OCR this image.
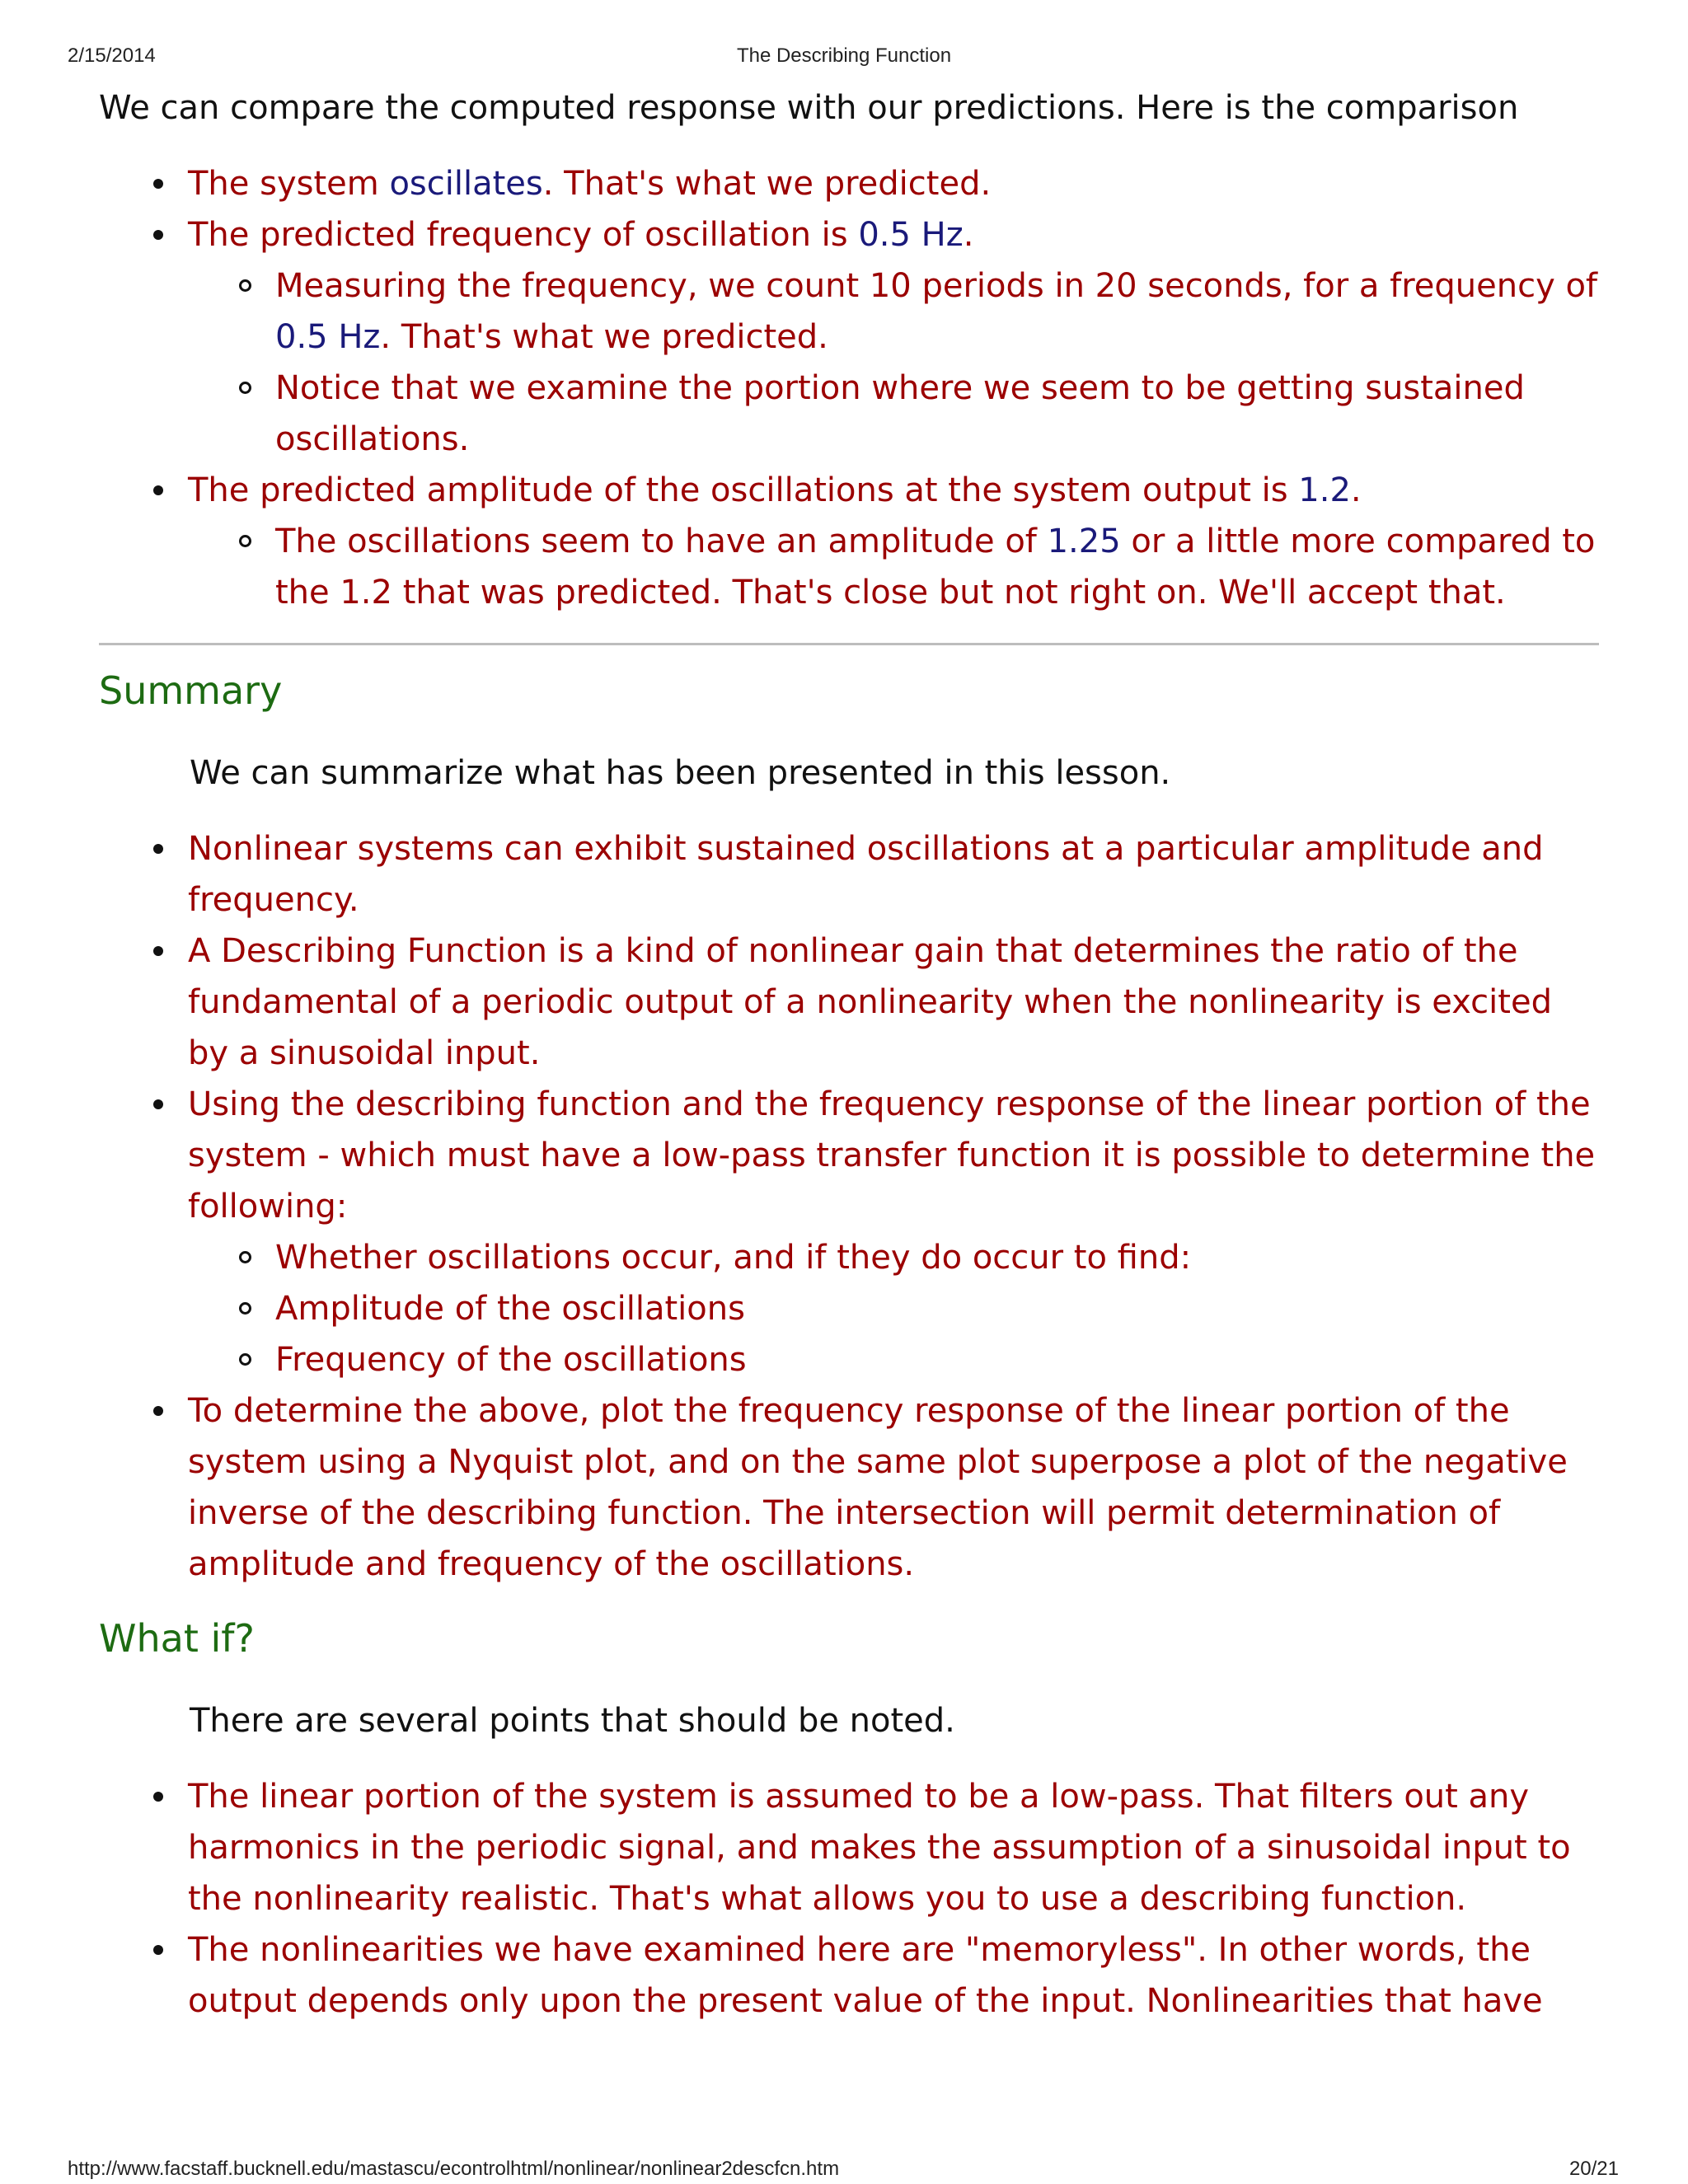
2/15/2014	The Describing Function

We can compare the computed response with our predictions. Here is the comparison

The system oscillates. That's what we predicted.
The predicted frequency of oscillation is 0.5 Hz.
Measuring the frequency, we count 10 periods in 20 seconds, for a frequency of 0.5 Hz. That's what we predicted.
Notice that we examine the portion where we seem to be getting sustained oscillations.
The predicted amplitude of the oscillations at the system output is 1.2.
The oscillations seem to have an amplitude of 1.25 or a little more compared to the 1.2 that was predicted. That's close but not right on. We'll accept that.
Summary

We can summarize what has been presented in this lesson.

Nonlinear systems can exhibit sustained oscillations at a particular amplitude and frequency.
A Describing Function is a kind of nonlinear gain that determines the ratio of the fundamental of a periodic output of a nonlinearity when the nonlinearity is excited by a sinusoidal input.
Using the describing function and the frequency response of the linear portion of the system - which must have a low-pass transfer function it is possible to determine the following:
Whether oscillations occur, and if they do occur to find:
Amplitude of the oscillations
Frequency of the oscillations
To determine the above, plot the frequency response of the linear portion of the system using a Nyquist plot, and on the same plot superpose a plot of the negative inverse of the describing function. The intersection will permit determination of amplitude and frequency of the oscillations.
What if?

There are several points that should be noted.

The linear portion of the system is assumed to be a low-pass. That filters out any harmonics in the periodic signal, and makes the assumption of a sinusoidal input to the nonlinearity realistic. That's what allows you to use a describing function.
The nonlinearities we have examined here are "memoryless". In other words, the output depends only upon the present value of the input. Nonlinearities that have
http://www.facstaff.bucknell.edu/mastascu/econtrolhtml/nonlinear/nonlinear2descfcn.htm	20/21
